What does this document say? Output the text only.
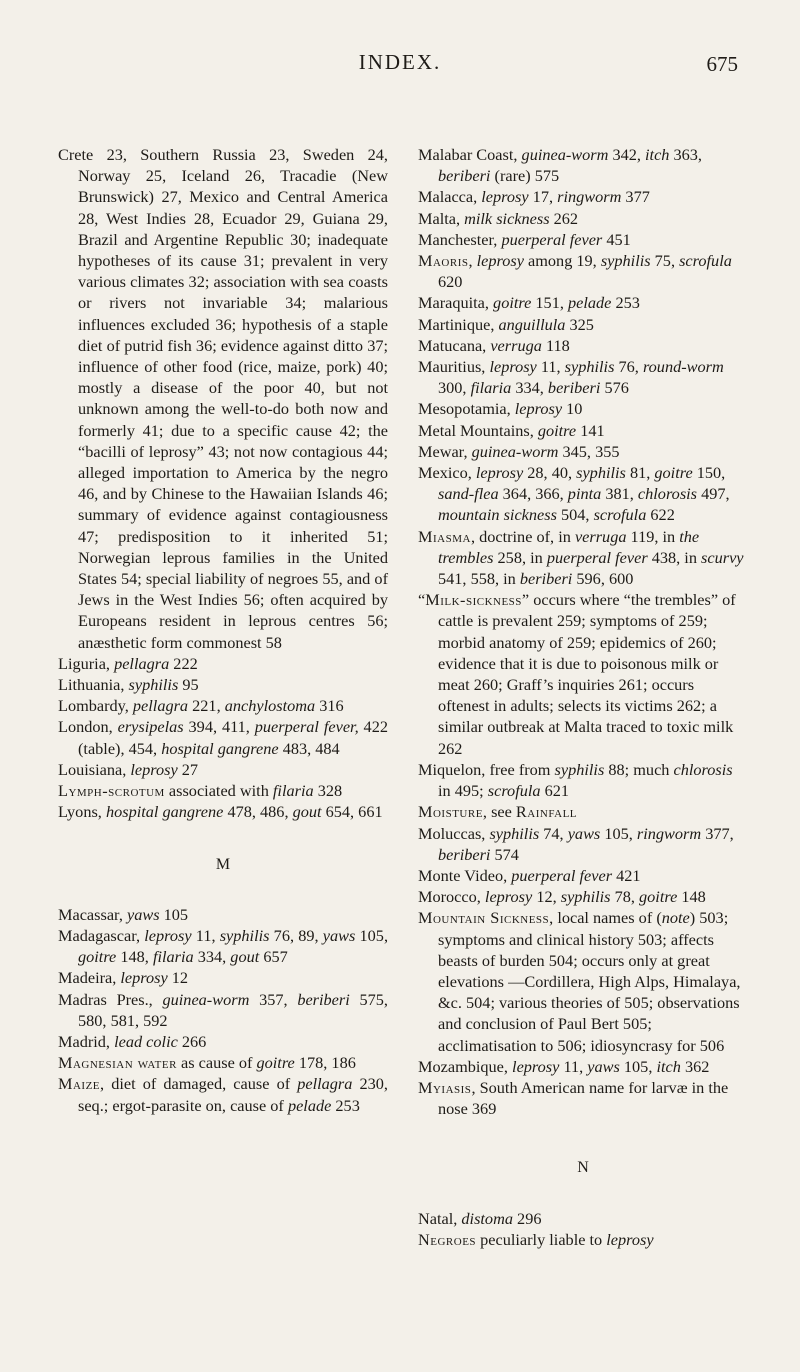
INDEX.	675

Crete 23, Southern Russia 23, Sweden 24, Norway 25, Iceland 26, Tracadie (New Brunswick) 27, Mexico and Central America 28, West Indies 28, Ecuador 29, Guiana 29, Brazil and Argentine Republic 30; inadequate hypotheses of its cause 31; prevalent in very various climates 32; association with sea coasts or rivers not invariable 34; malarious influences excluded 36; hypothesis of a staple diet of putrid fish 36; evidence against ditto 37; influence of other food (rice, maize, pork) 40; mostly a disease of the poor 40, but not unknown among the well-to-do both now and formerly 41; due to a specific cause 42; the “bacilli of leprosy” 43; not now contagious 44; alleged importation to America by the negro 46, and by Chinese to the Hawaiian Islands 46; summary of evidence against contagiousness 47; predisposition to it inherited 51; Norwegian leprous families in the United States 54; special liability of negroes 55, and of Jews in the West Indies 56; often acquired by Europeans resident in leprous centres 56; anæsthetic form commonest 58

Liguria, pellagra 222

Lithuania, syphilis 95

Lombardy, pellagra 221, anchylostoma 316

London, erysipelas 394, 411, puerperal fever, 422 (table), 454, hospital gangrene 483, 484

Louisiana, leprosy 27

Lymph-scrotum associated with filaria 328

Lyons, hospital gangrene 478, 486, gout 654, 661

M

Macassar, yaws 105

Madagascar, leprosy 11, syphilis 76, 89, yaws 105, goitre 148, filaria 334, gout 657

Madeira, leprosy 12

Madras Pres., guinea-worm 357, beriberi 575, 580, 581, 592

Madrid, lead colic 266

Magnesian water as cause of goitre 178, 186

Maize, diet of damaged, cause of pellagra 230, seq.; ergot-parasite on, cause of pelade 253

Malabar Coast, guinea-worm 342, itch 363, beriberi (rare) 575

Malacca, leprosy 17, ringworm 377

Malta, milk sickness 262

Manchester, puerperal fever 451

Maoris, leprosy among 19, syphilis 75, scrofula 620

Maraquita, goitre 151, pelade 253

Martinique, anguillula 325

Matucana, verruga 118

Mauritius, leprosy 11, syphilis 76, round-worm 300, filaria 334, beriberi 576

Mesopotamia, leprosy 10

Metal Mountains, goitre 141

Mewar, guinea-worm 345, 355

Mexico, leprosy 28, 40, syphilis 81, goitre 150, sand-flea 364, 366, pinta 381, chlorosis 497, mountain sickness 504, scrofula 622

Miasma, doctrine of, in verruga 119, in the trembles 258, in puerperal fever 438, in scurvy 541, 558, in beriberi 596, 600

“Milk-sickness” occurs where “the trembles” of cattle is prevalent 259; symptoms of 259; morbid anatomy of 259; epidemics of 260; evidence that it is due to poisonous milk or meat 260; Graff’s inquiries 261; occurs oftenest in adults; selects its victims 262; a similar outbreak at Malta traced to toxic milk 262

Miquelon, free from syphilis 88; much chlorosis in 495; scrofula 621

Moisture, see Rainfall

Moluccas, syphilis 74, yaws 105, ringworm 377, beriberi 574

Monte Video, puerperal fever 421

Morocco, leprosy 12, syphilis 78, goitre 148

Mountain Sickness, local names of (note) 503; symptoms and clinical history 503; affects beasts of burden 504; occurs only at great elevations —Cordillera, High Alps, Himalaya, &c. 504; various theories of 505; observations and conclusion of Paul Bert 505; acclimatisation to 506; idiosyncrasy for 506

Mozambique, leprosy 11, yaws 105, itch 362

Myiasis, South American name for larvæ in the nose 369

N

Natal, distoma 296

Negroes peculiarly liable to leprosy
